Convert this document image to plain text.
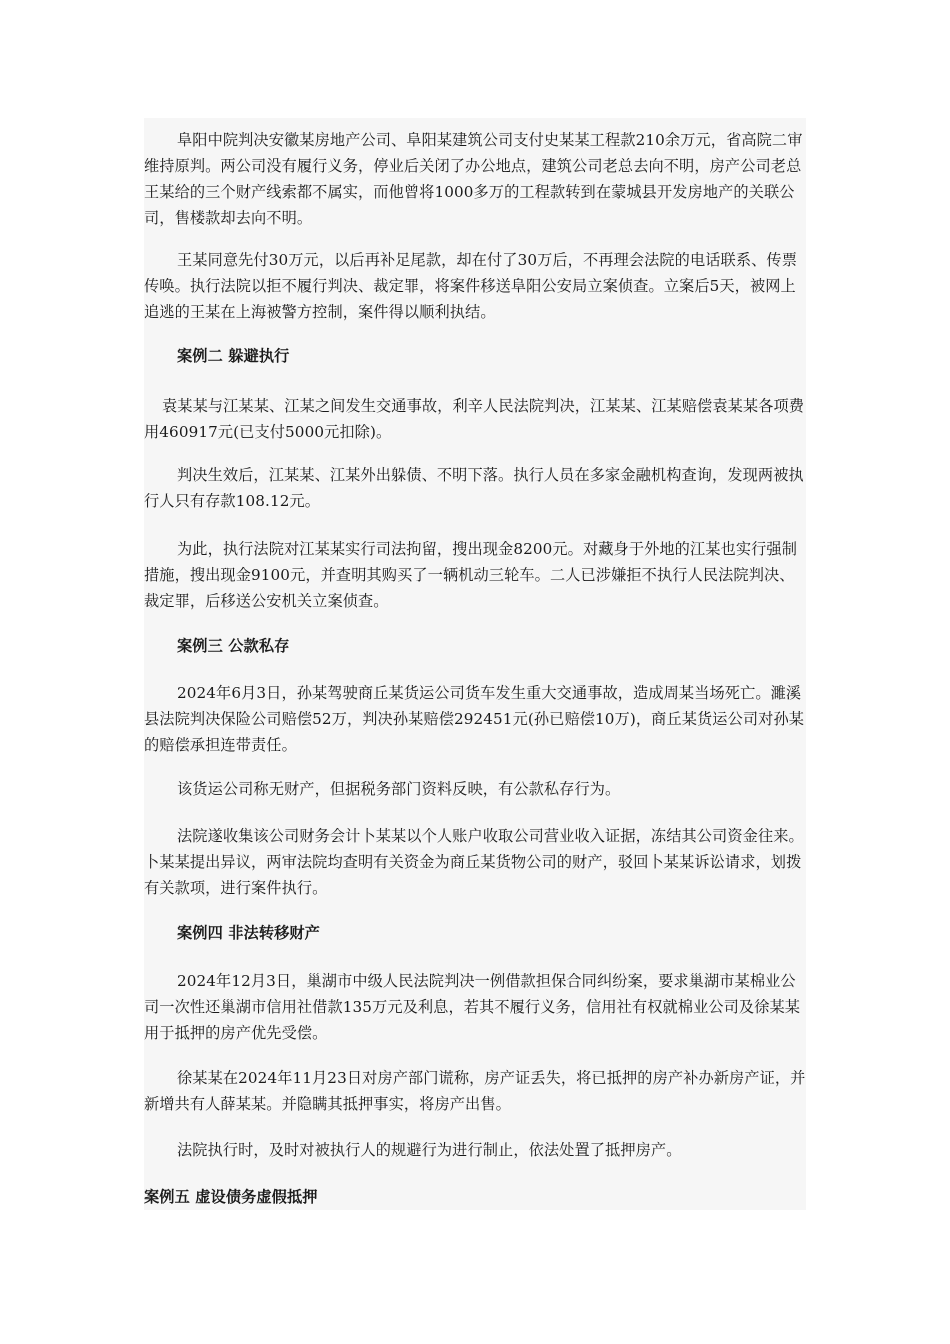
阜阳中院判决安徽某房地产公司、阜阳某建筑公司支付史某某工程款210余万元，省高院二审维持原判。两公司没有履行义务，停业后关闭了办公地点，建筑公司老总去向不明，房产公司老总王某给的三个财产线索都不属实，而他曾将1000多万的工程款转到在蒙城县开发房地产的关联公司，售楼款却去向不明。

王某同意先付30万元，以后再补足尾款，却在付了30万后，不再理会法院的电话联系、传票传唤。执行法院以拒不履行判决、裁定罪，将案件移送阜阳公安局立案侦查。立案后5天，被网上追逃的王某在上海被警方控制，案件得以顺利执结。

案例二 躲避执行

袁某某与江某某、江某之间发生交通事故，利辛人民法院判决，江某某、江某赔偿袁某某各项费用460917元(已支付5000元扣除)。

判决生效后，江某某、江某外出躲债、不明下落。执行人员在多家金融机构查询，发现两被执行人只有存款108.12元。

为此，执行法院对江某某实行司法拘留，搜出现金8200元。对藏身于外地的江某也实行强制措施，搜出现金9100元，并查明其购买了一辆机动三轮车。二人已涉嫌拒不执行人民法院判决、裁定罪，后移送公安机关立案侦查。

案例三 公款私存

2024年6月3日，孙某驾驶商丘某货运公司货车发生重大交通事故，造成周某当场死亡。濉溪县法院判决保险公司赔偿52万，判决孙某赔偿292451元(孙已赔偿10万)，商丘某货运公司对孙某的赔偿承担连带责任。

该货运公司称无财产，但据税务部门资料反映，有公款私存行为。

法院遂收集该公司财务会计卜某某以个人账户收取公司营业收入证据，冻结其公司资金往来。卜某某提出异议，两审法院均查明有关资金为商丘某货物公司的财产，驳回卜某某诉讼请求，划拨有关款项，进行案件执行。

案例四 非法转移财产

2024年12月3日，巢湖市中级人民法院判决一例借款担保合同纠纷案，要求巢湖市某棉业公司一次性还巢湖市信用社借款135万元及利息，若其不履行义务，信用社有权就棉业公司及徐某某用于抵押的房产优先受偿。

徐某某在2024年11月23日对房产部门谎称，房产证丢失，将已抵押的房产补办新房产证，并新增共有人薛某某。并隐瞒其抵押事实，将房产出售。

法院执行时，及时对被执行人的规避行为进行制止，依法处置了抵押房产。

案例五 虚设债务虚假抵押
